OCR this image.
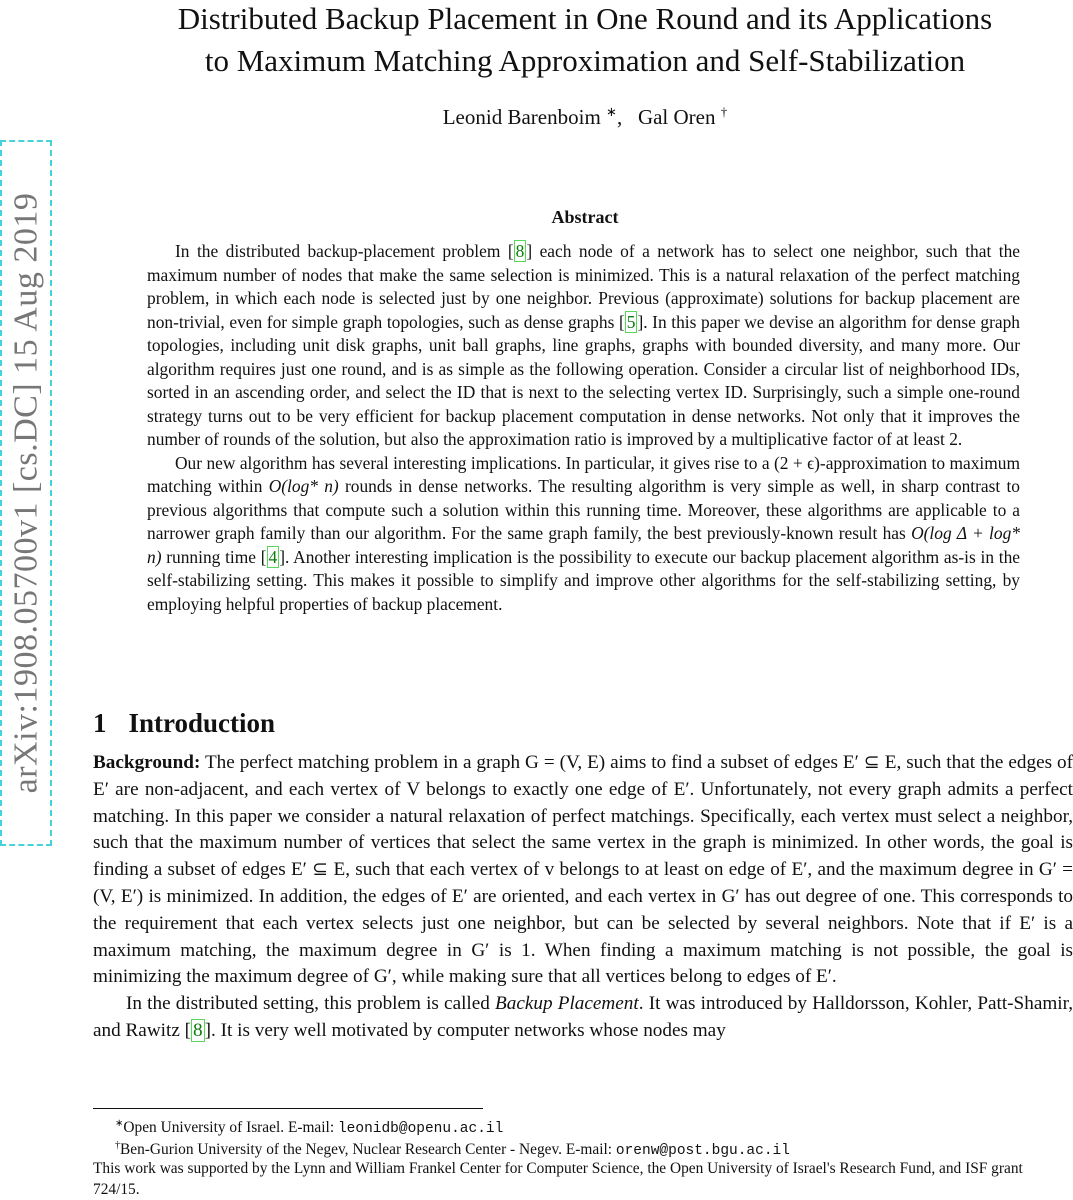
arXiv:1908.05700v1 [cs.DC] 15 Aug 2019
Distributed Backup Placement in One Round and its Applications
to Maximum Matching Approximation and Self-Stabilization
Leonid Barenboim ∗,   Gal Oren †
Abstract

In the distributed backup-placement problem [ 8 ] each node of a network has to select one neighbor, such that the maximum number of nodes that make the same selection is minimized. This is a natural relaxation of the perfect matching problem, in which each node is selected just by one neighbor. Previous (approximate) solutions for backup placement are non-trivial, even for simple graph topologies, such as dense graphs [ 5 ]. In this paper we devise an algorithm for dense graph topologies, including unit disk graphs, unit ball graphs, line graphs, graphs with bounded diversity, and many more. Our algorithm requires just one round, and is as simple as the following operation. Consider a circular list of neighborhood IDs, sorted in an ascending order, and select the ID that is next to the selecting vertex ID. Surprisingly, such a simple one-round strategy turns out to be very efficient for backup placement computation in dense networks. Not only that it improves the number of rounds of the solution, but also the approximation ratio is improved by a multiplicative factor of at least 2.

Our new algorithm has several interesting implications. In particular, it gives rise to a (2 + ϵ)-approximation to maximum matching within O(log* n) rounds in dense networks. The resulting algorithm is very simple as well, in sharp contrast to previous algorithms that compute such a solution within this running time. Moreover, these algorithms are applicable to a narrower graph family than our algorithm. For the same graph family, the best previously-known result has O(log Δ + log* n) running time [ 4 ]. Another interesting implication is the possibility to execute our backup placement algorithm as-is in the self-stabilizing setting. This makes it possible to simplify and improve other algorithms for the self-stabilizing setting, by employing helpful properties of backup placement.

1 Introduction

Background: The perfect matching problem in a graph G = (V, E) aims to find a subset of edges E′ ⊆ E, such that the edges of E′ are non-adjacent, and each vertex of V belongs to exactly one edge of E′. Unfortunately, not every graph admits a perfect matching. In this paper we consider a natural relaxation of perfect matchings. Specifically, each vertex must select a neighbor, such that the maximum number of vertices that select the same vertex in the graph is minimized. In other words, the goal is finding a subset of edges E′ ⊆ E, such that each vertex of v belongs to at least on edge of E′, and the maximum degree in G′ = (V, E′) is minimized. In addition, the edges of E′ are oriented, and each vertex in G′ has out degree of one. This corresponds to the requirement that each vertex selects just one neighbor, but can be selected by several neighbors. Note that if E′ is a maximum matching, the maximum degree in G′ is 1. When finding a maximum matching is not possible, the goal is minimizing the maximum degree of G′, while making sure that all vertices belong to edges of E′.

In the distributed setting, this problem is called Backup Placement. It was introduced by Halldorsson, Kohler, Patt-Shamir, and Rawitz [ 8 ]. It is very well motivated by computer networks whose nodes may

∗Open University of Israel. E-mail: leonidb@openu.ac.il
†Ben-Gurion University of the Negev, Nuclear Research Center - Negev. E-mail: orenw@post.bgu.ac.il
This work was supported by the Lynn and William Frankel Center for Computer Science, the Open University of Israel's Research Fund, and ISF grant 724/15.
